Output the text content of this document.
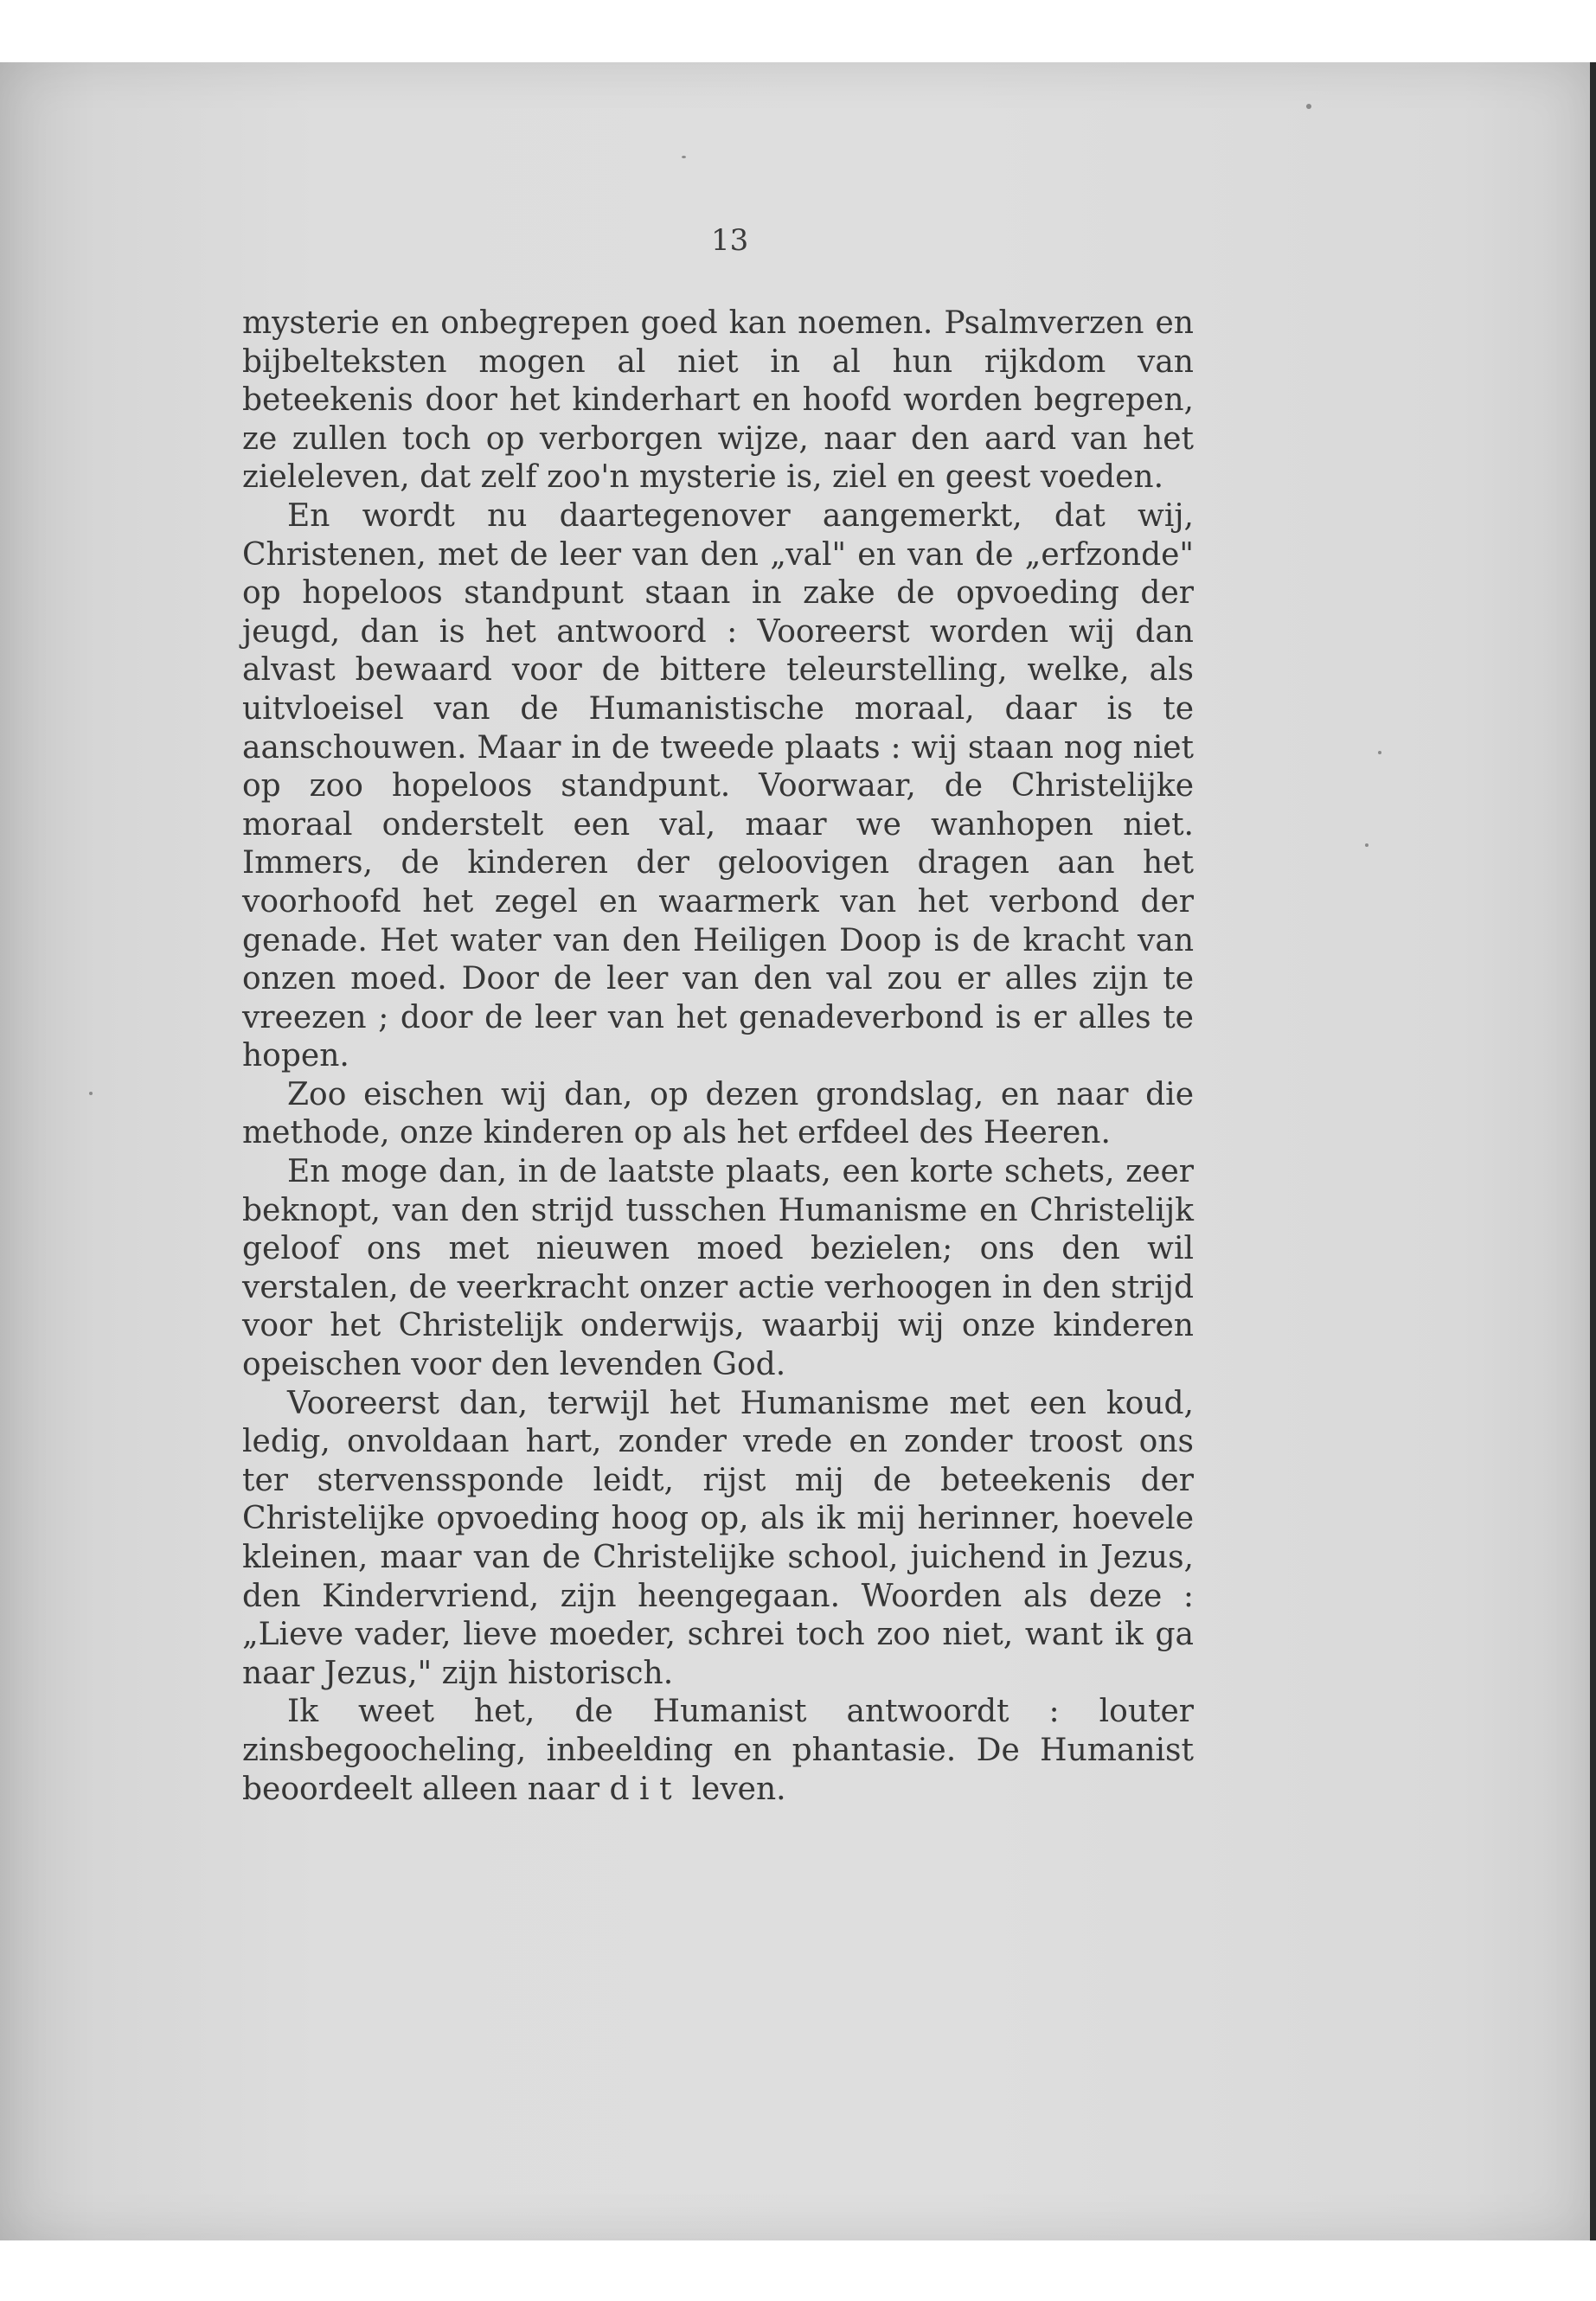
13

mysterie en onbegrepen goed kan noemen. Psalmverzen en bijbelteksten mogen al niet in al hun rijkdom van beteekenis door het kinderhart en hoofd worden begrepen, ze zullen toch op verborgen wijze, naar den aard van het zieleleven, dat zelf zoo'n mysterie is, ziel en geest voeden.

En wordt nu daartegenover aangemerkt, dat wij, Christenen, met de leer van den „val" en van de „erfzonde" op hopeloos standpunt staan in zake de opvoeding der jeugd, dan is het antwoord : Vooreerst worden wij dan alvast bewaard voor de bittere teleurstelling, welke, als uitvloeisel van de Humanistische moraal, daar is te aanschouwen. Maar in de tweede plaats : wij staan nog niet op zoo hopeloos standpunt. Voorwaar, de Christelijke moraal onderstelt een val, maar we wanhopen niet. Immers, de kinderen der geloovigen dragen aan het voorhoofd het zegel en waarmerk van het verbond der genade. Het water van den Heiligen Doop is de kracht van onzen moed. Door de leer van den val zou er alles zijn te vreezen ; door de leer van het genadeverbond is er alles te hopen.

Zoo eischen wij dan, op dezen grondslag, en naar die methode, onze kinderen op als het erfdeel des Heeren.

En moge dan, in de laatste plaats, een korte schets, zeer beknopt, van den strijd tusschen Humanisme en Christelijk geloof ons met nieuwen moed bezielen; ons den wil verstalen, de veerkracht onzer actie verhoogen in den strijd voor het Christelijk onderwijs, waarbij wij onze kinderen opeischen voor den levenden God.

Vooreerst dan, terwijl het Humanisme met een koud, ledig, onvoldaan hart, zonder vrede en zonder troost ons ter stervenssponde leidt, rijst mij de beteekenis der Christelijke opvoeding hoog op, als ik mij herinner, hoevele kleinen, maar van de Christelijke school, juichend in Jezus, den Kindervriend, zijn heengegaan. Woorden als deze : „Lieve vader, lieve moeder, schrei toch zoo niet, want ik ga naar Jezus," zijn historisch.

Ik weet het, de Humanist antwoordt : louter zinsbegoocheling, inbeelding en phantasie. De Humanist beoordeelt alleen naar dit leven.
